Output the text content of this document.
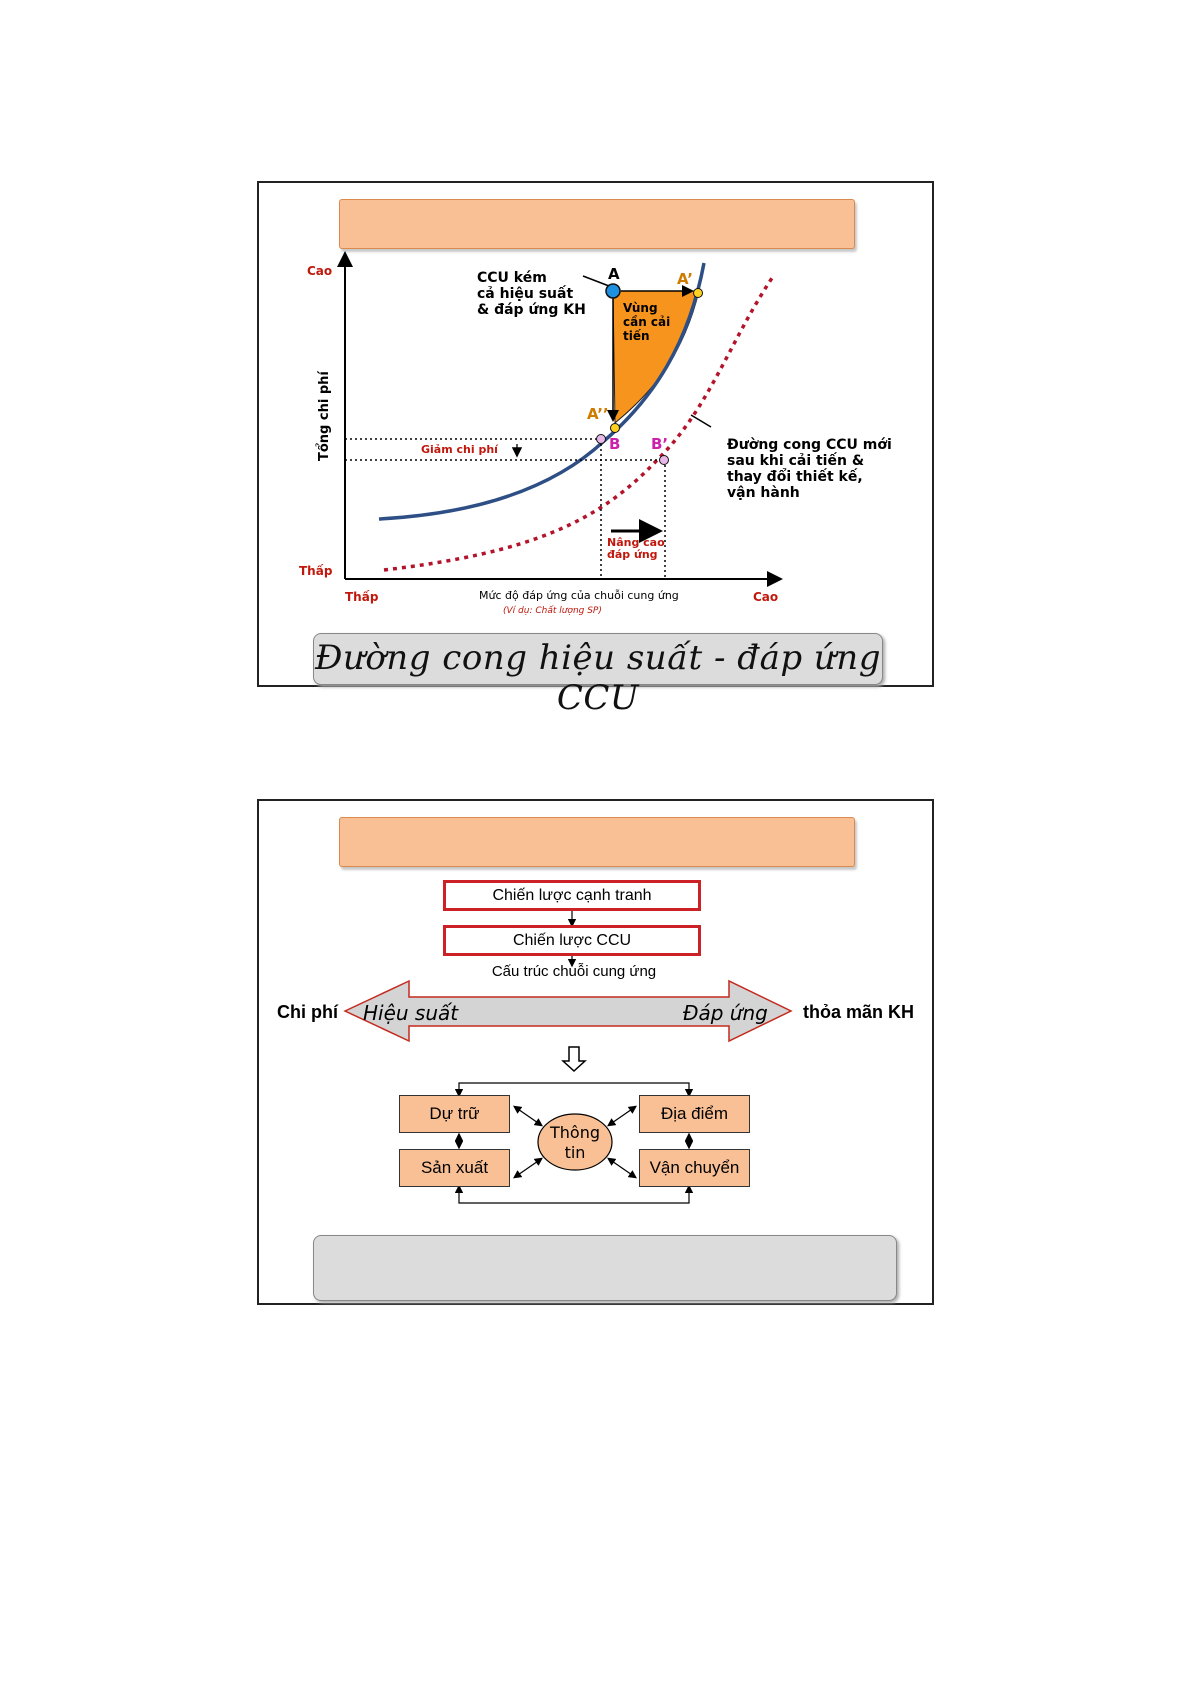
A	A’
A’’
B B’
CCU kém
cả hiệu suất
& đáp ứng KH	Vùng
cần cải
tiến
Đường cong CCU mới
sau khi cải tiến &
thay đổi thiết kế,
vận hành
Giảm chi phí
Nâng cao
đáp ứng
Cao
Thấp
Thấp	Cao
Tổng chi phí
Mức độ đáp ứng của chuỗi cung ứng
(Ví dụ: Chất lượng SP)
Đường cong hiệu suất - đáp ứng CCU
Thông
tin
Hiệu suất	Đáp ứng
Chiến lược cạnh tranh
Chiến lược CCU
Cấu trúc chuỗi cung ứng
Chi phí	thỏa mãn KH
Dự trữ	Địa điểm
Sản xuất	Vận chuyển
